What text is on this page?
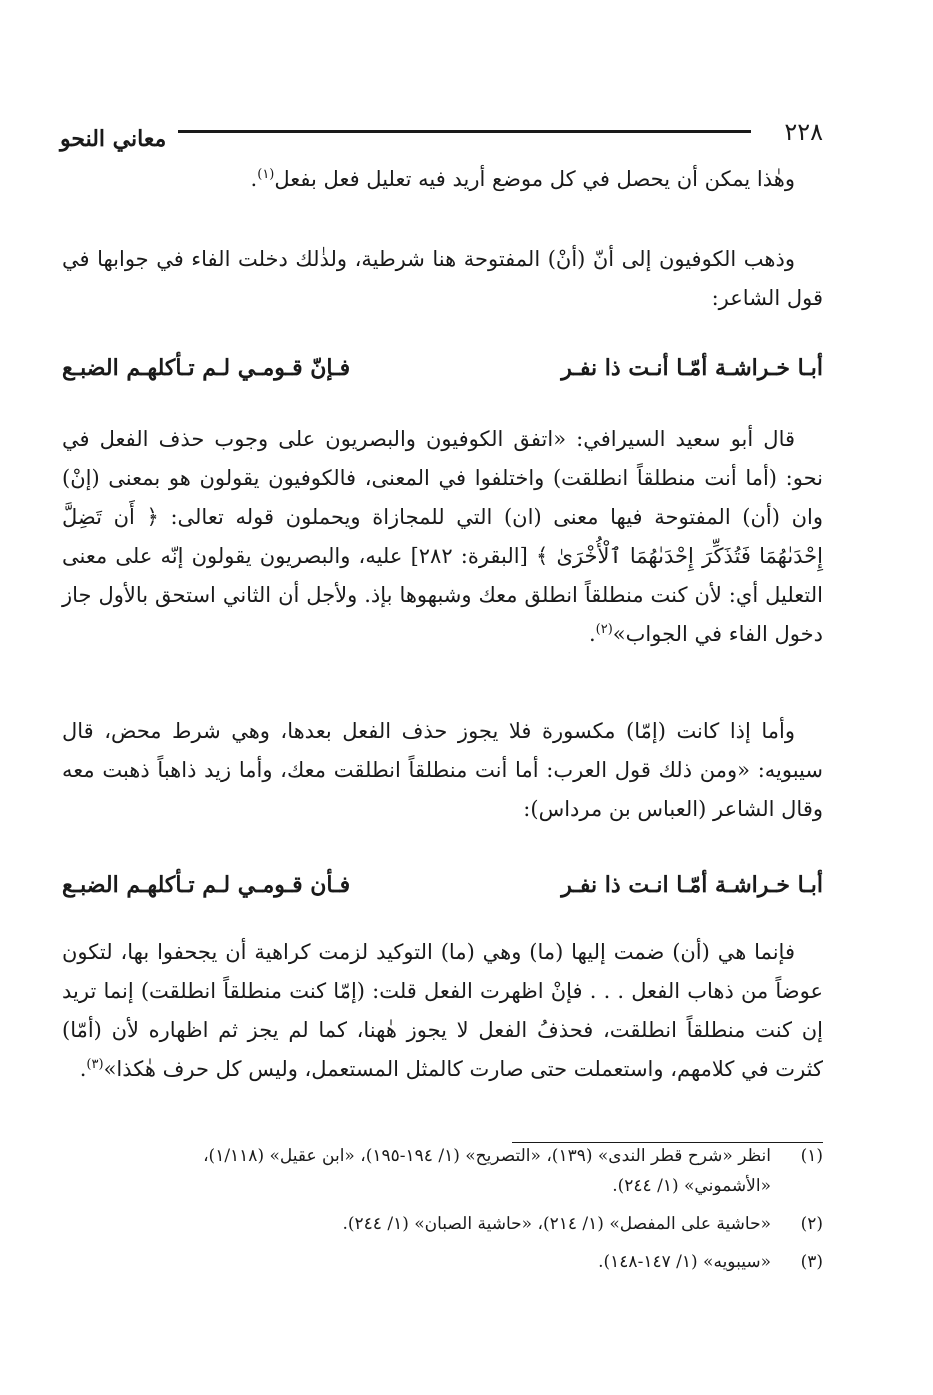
٢٢٨
معاني النحو

وهٰذا يمكن أن يحصل في كل موضع أريد فيه تعليل فعل بفعل$^{(١)}$.

وذهب الكوفيون إلى أنّ (أنْ) المفتوحة هنا شرطية، ولذٰلك دخلت الفاء في جوابها في قول الشاعر:

أبـا خـراشـة أمّـا أنـت ذا نفـر
فـإنّ قـومـي لـم تـأكلهـم الضبـع

قال أبو سعيد السيرافي: «اتفق الكوفيون والبصريون على وجوب حذف الفعل في نحو: (أما أنت منطلقاً انطلقت) واختلفوا في المعنى، فالكوفيون يقولون هو بمعنى (إنْ) وان (أن) المفتوحة فيها معنى (ان) التي للمجازاة ويحملون قوله تعالى: ﴿ أَن تَضِلَّ إِحْدَىٰهُمَا فَتُذَكِّرَ إِحْدَىٰهُمَا ٱلْأُخْرَىٰ ﴾ [البقرة: ٢٨٢] عليه، والبصريون يقولون إنّه على معنى التعليل أي: لأن كنت منطلقاً انطلق معك وشبهوها بإذ. ولأجل أن الثاني استحق بالأول جاز دخول الفاء في الجواب»$^{(٢)}$.

وأما إذا كانت (إمّا) مكسورة فلا يجوز حذف الفعل بعدها، وهي شرط محض، قال سيبويه: «ومن ذلك قول العرب: أما أنت منطلقاً انطلقت معك، وأما زيد ذاهباً ذهبت معه وقال الشاعر (العباس بن مرداس):

أبـا خـراشـة أمّـا انـت ذا نفـر
فـأن قـومـي لـم تـأكلهـم الضبـع

فإنما هي (أن) ضمت إليها (ما) وهي (ما) التوكيد لزمت كراهية أن يجحفوا بها، لتكون عوضاً من ذهاب الفعل . . . فإنْ اظهرت الفعل قلت: (إمّا كنت منطلقاً انطلقت) إنما تريد إن كنت منطلقاً انطلقت، فحذفُ الفعل لا يجوز هٰهنا، كما لم يجز ثم اظهاره لأن (أمّا) كثرت في كلامهم، واستعملت حتى صارت كالمثل المستعمل، وليس كل حرف هٰكذا»$^{(٣)}$.

(١)انظر «شرح قطر الندى» (١٣٩)، «التصريح» (١/ ١٩٤-١٩٥)، «ابن عقيل» (١/١١٨)،
«الأشموني» (١/ ٢٤٤).
(٢)«حاشية على المفصل» (١/ ٢١٤)، «حاشية الصبان» (١/ ٢٤٤).
(٣)«سيبويه» (١/ ١٤٧-١٤٨).
